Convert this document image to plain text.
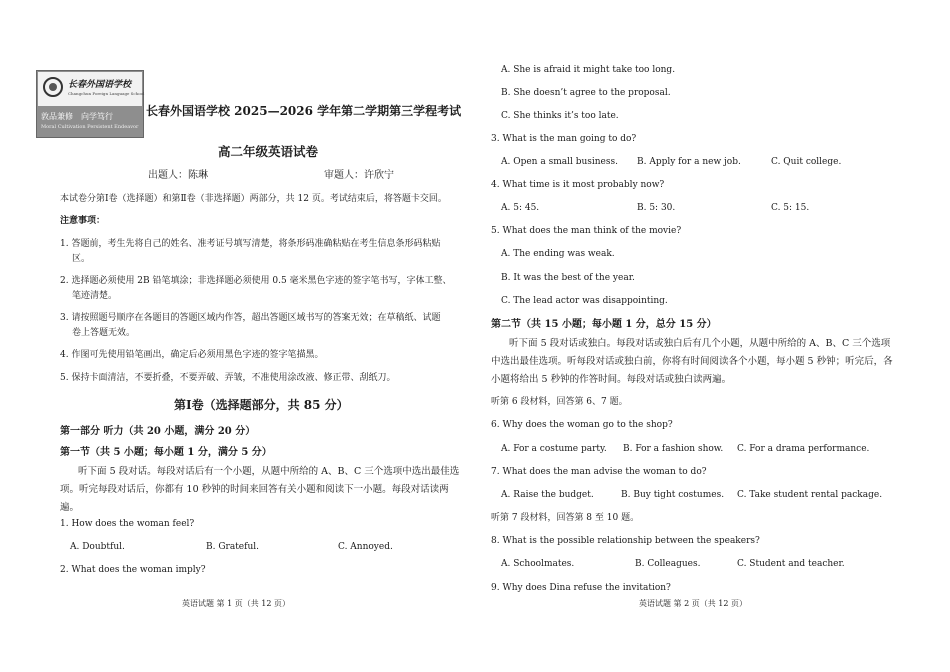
长春外国语学校
Changchun Foreign Language School
敦品兼修　向学笃行
Moral Cultivation Persistent Endeavor
长春外国语学校 2025—2026 学年第二学期第三学程考试
高二年级英语试卷
出题人：陈琳	审题人：许欣宁
本试卷分第Ⅰ卷（选择题）和第Ⅱ卷（非选择题）两部分，共 12 页。考试结束后，将答题卡交回。
注意事项：
1. 答题前，考生先将自己的姓名、准考证号填写清楚，将条形码准确粘贴在考生信息条形码粘贴
区。
2. 选择题必须使用 2B 铅笔填涂；非选择题必须使用 0.5 毫米黑色字迹的签字笔书写，字体工整、
笔迹清楚。
3. 请按照题号顺序在各题目的答题区域内作答，超出答题区域书写的答案无效；在草稿纸、试题
卷上答题无效。
4. 作图可先使用铅笔画出，确定后必须用黑色字迹的签字笔描黑。
5. 保持卡面清洁，不要折叠，不要弄破、弄皱，不准使用涂改液、修正带、刮纸刀。
第Ⅰ卷（选择题部分，共 85 分）
第一部分 听力（共 20 小题，满分 20 分）
第一节（共 5 小题；每小题 1 分，满分 5 分）
听下面 5 段对话。每段对话后有一个小题，从题中所给的 A、B、C 三个选项中选出最佳选项。听完每段对话后，你都有 10 秒钟的时间来回答有关小题和阅读下一小题。每段对话读两遍。
1. How does the woman feel?
A. Doubtful.	B. Grateful.	C. Annoyed.
2. What does the woman imply?
英语试题 第 1 页（共 12 页）
A. She is afraid it might take too long.
B. She doesn’t agree to the proposal.
C. She thinks it’s too late.
3. What is the man going to do?
A. Open a small business. B. Apply for a new job.	C. Quit college.
4. What time is it most probably now?
A. 5: 45.	B. 5: 30.	C. 5: 15.
5. What does the man think of the movie?
A. The ending was weak.
B. It was the best of the year.
C. The lead actor was disappointing.
第二节（共 15 小题；每小题 1 分，总分 15 分）
听下面 5 段对话或独白。每段对话或独白后有几个小题，从题中所给的 A、B、C 三个选项中选出最佳选项。听每段对话或独白前，你将有时间阅读各个小题，每小题 5 秒钟；听完后，各小题将给出 5 秒钟的作答时间。每段对话或独白读两遍。
听第 6 段材料，回答第 6、7 题。
6. Why does the woman go to the shop?
A. For a costume party. B. For a fashion show. C. For a drama performance.
7. What does the man advise the woman to do?
A. Raise the budget.	B. Buy tight costumes. C. Take student rental package.
听第 7 段材料，回答第 8 至 10 题。
8. What is the possible relationship between the speakers?
A. Schoolmates.	B. Colleagues.	C. Student and teacher.
9. Why does Dina refuse the invitation?
英语试题 第 2 页（共 12 页）
